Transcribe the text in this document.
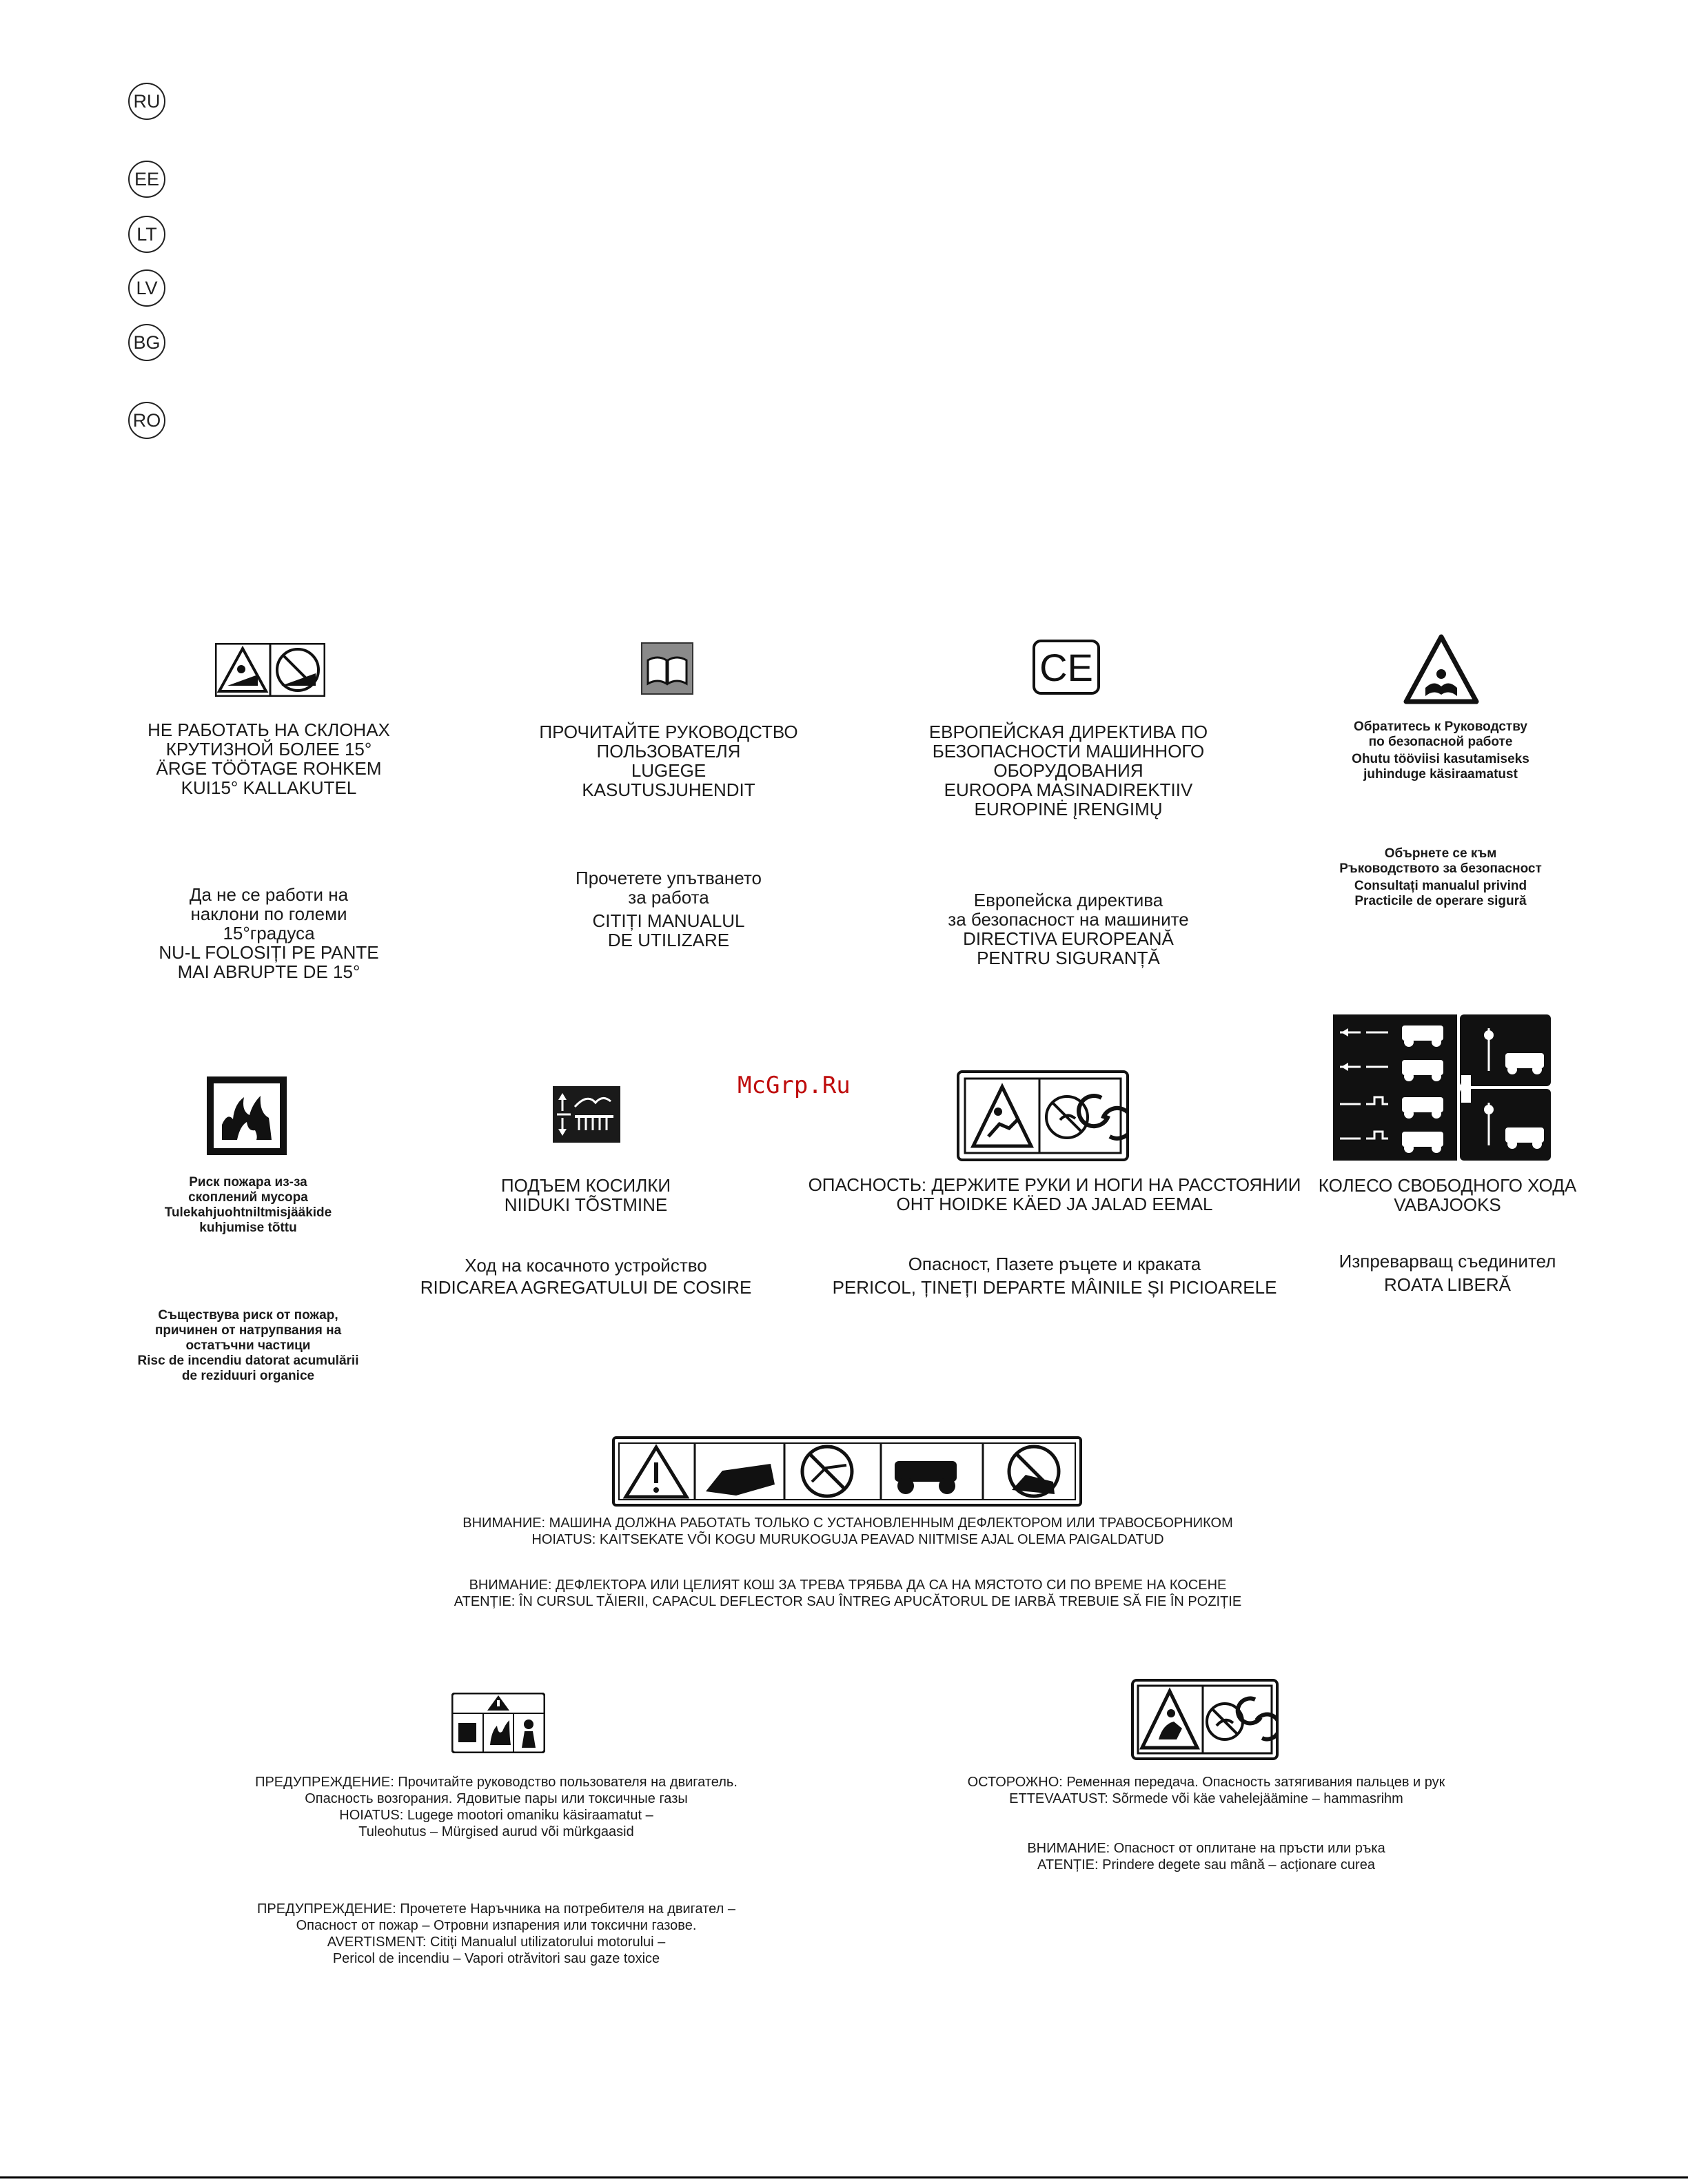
RU
EE
LT
LV
BG
RO
НЕ РАБОТАТЬ НА СКЛОНАХ
КРУТИЗНОЙ БОЛЕЕ 15°
ÄRGE TÖÖTAGE ROHKEM
KUI15° KALLAKUTEL
Да не се работи на
наклони по големи
15°градуса
NU-L FOLOSIȚI PE PANTE
MAI ABRUPTE DE 15°
ПРОЧИТАЙТЕ РУКОВОДСТВО
ПОЛЬЗОВАТЕЛЯ
LUGEGE
KASUTUSJUHENDIT
Прочетете упътването
за работа
CITIȚI MANUALUL
DE UTILIZARE
CE
ЕВРОПЕЙСКАЯ ДИРЕКТИВА ПО
БЕЗОПАСНОСТИ МАШИННОГО
ОБОРУДОВАНИЯ
EUROOPA MASINADIREKTIIV
EUROPINĖ ĮRENGIMŲ
Европейска директива
за безопасност на машините
DIRECTIVA EUROPEANĂ
PENTRU SIGURANȚĂ
Обратитесь к Руководству
по безопасной работе
Ohutu tööviisi kasutamiseks
juhinduge käsiraamatust
Обърнете се към
Ръководството за безопасност
Consultați manualul privind
Practicile de operare sigură
Риск пожара из-за
скоплений мусора
Tulekahjuohtniltmisjääkide
kuhjumise tõttu
Съществува риск от пожар,
причинен от натрупвания на
остатъчни частици
Risc de incendiu datorat acumulării
de reziduuri organice
ПОДЪЕМ КОСИЛКИ
NIIDUKI TÕSTMINE
Ход на косачното устройство
RIDICAREA AGREGATULUI DE COSIRE
ОПАСНОСТЬ: ДЕРЖИТЕ РУКИ И НОГИ НА РАССТОЯНИИ
OHT HOIDKE KÄED JA JALAD EEMAL
Опасност, Пазете ръцете и краката
PERICOL, ȚINEȚI DEPARTE MÂINILE ȘI PICIOARELE
КОЛЕСО СВОБОДНОГО ХОДА
VABAJOOKS
Изпреварващ съединител
ROATA LIBERĂ
ВНИМАНИЕ: МАШИНА ДОЛЖНА РАБОТАТЬ ТОЛЬКО С УСТАНОВЛЕННЫМ ДЕФЛЕКТОРОМ ИЛИ ТРАВОСБОРНИКОМ
HOIATUS: KAITSEKATE VÕI KOGU MURUKOGUJA PEAVAD NIITMISE AJAL OLEMA PAIGALDATUD
ВНИМАНИЕ: ДЕФЛЕКТОРА ИЛИ ЦЕЛИЯТ КОШ ЗА ТРЕВА ТРЯБВА ДА СА НА МЯСТОТО СИ ПО ВРЕМЕ НА КОСЕНЕ
ATENȚIE: ÎN CURSUL TĂIERII, CAPACUL DEFLECTOR SAU ÎNTREG APUCĂTORUL DE IARBĂ TREBUIE SĂ FIE ÎN POZIȚIE
ПРЕДУПРЕЖДЕНИЕ: Прочитайте руководство пользователя на двигатель.
Опасность возгорания. Ядовитые пары или токсичные газы
HOIATUS: Lugege mootori omaniku käsiraamatut –
Tuleohutus – Mürgised aurud või mürkgaasid
ПРЕДУПРЕЖДЕНИЕ: Прочетете Наръчника на потребителя на двигател –
Опасност от пожар – Отровни изпарения или токсични газове.
AVERTISMENT: Citiți Manualul utilizatorului motorului –
Pericol de incendiu – Vapori otrăvitori sau gaze toxice
ОСТОРОЖНО: Ременная передача. Опасность затягивания пальцев и рук
ETTEVAATUST: Sõrmede või käe vahelejäämine – hammasrihm
ВНИМАНИЕ: Опасност от оплитане на пръсти или ръка
ATENȚIE: Prindere degete sau mână – acționare curea
McGrp.Ru
